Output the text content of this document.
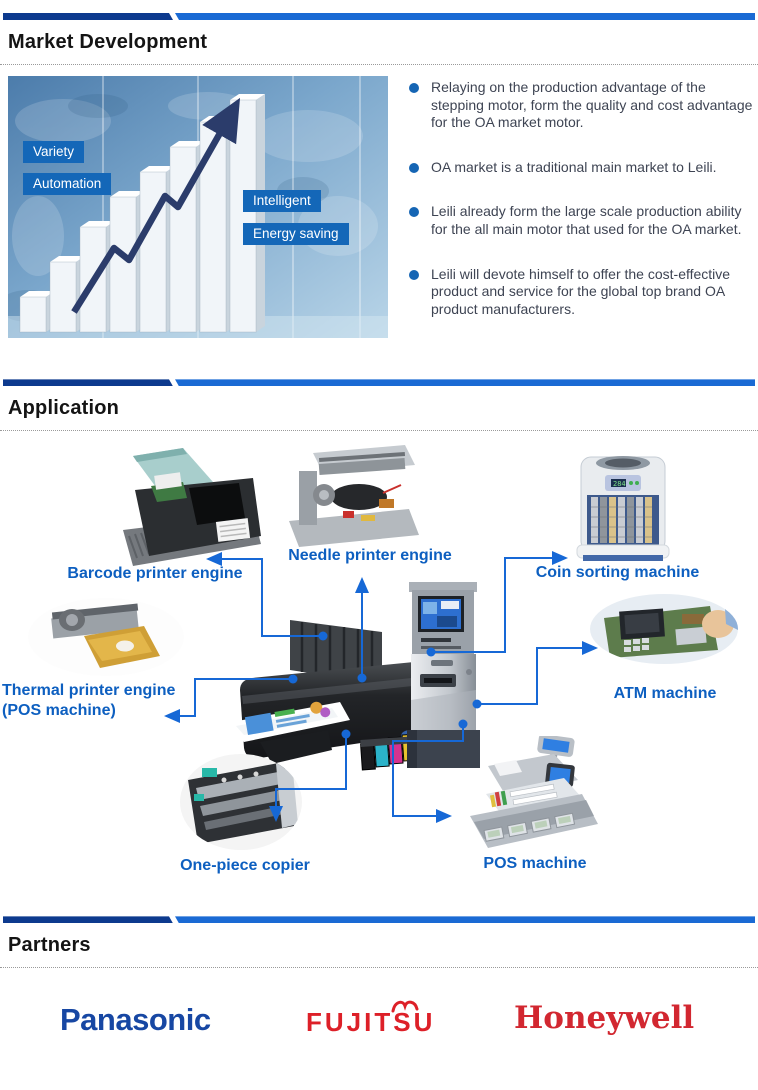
Market Development
Variety
Automation
Intelligent
Energy saving
Relaying on the production advantage of the stepping motor, form the quality and cost advantage for the OA market motor.
OA market is a traditional main market to Leili.
Leili already form the large scale production ability for the all main motor that used for the OA market.
Leili will devote himself to offer the cost-effective product and service for the global top brand OA product manufacturers.
Application
284
Barcode printer engine
Needle printer engine
Coin sorting machine
Thermal printer engine
(POS machine)
ATM machine
One-piece copier	POS machine
Partners
Panasonic	FUJITSU	Honeywell
